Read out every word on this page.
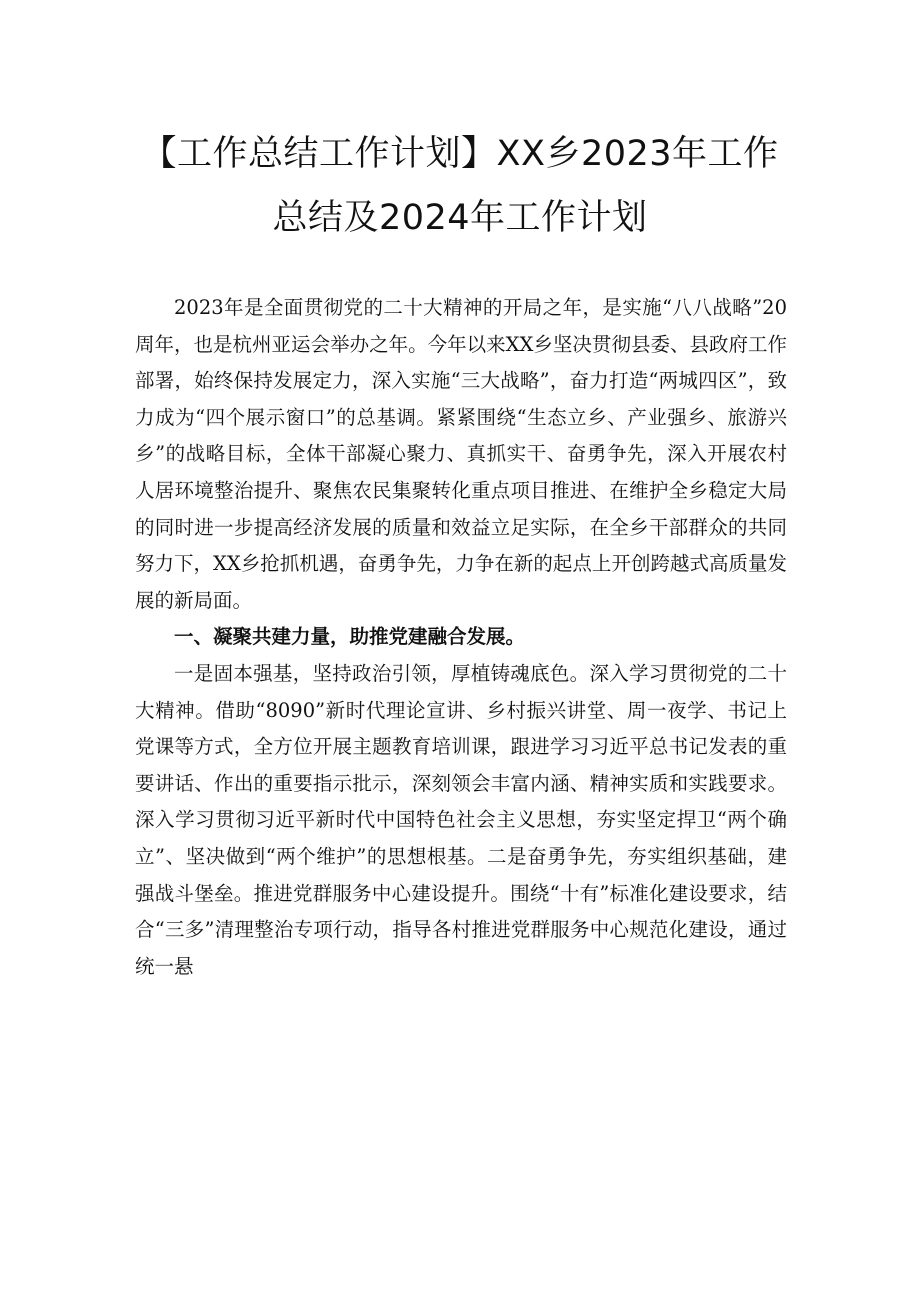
【工作总结工作计划】XX乡2023年工作
总结及2024年工作计划

2023年是全面贯彻党的二十大精神的开局之年，是实施“八八战略”20周年，也是杭州亚运会举办之年。今年以来XX乡坚决贯彻县委、县政府工作部署，始终保持发展定力，深入实施“三大战略”，奋力打造“两城四区”，致力成为“四个展示窗口”的总基调。紧紧围绕“生态立乡、产业强乡、旅游兴乡”的战略目标，全体干部凝心聚力、真抓实干、奋勇争先，深入开展农村人居环境整治提升、聚焦农民集聚转化重点项目推进、在维护全乡稳定大局的同时进一步提高经济发展的质量和效益立足实际，在全乡干部群众的共同努力下，XX乡抢抓机遇，奋勇争先，力争在新的起点上开创跨越式高质量发展的新局面。

一、凝聚共建力量，助推党建融合发展。

一是固本强基，坚持政治引领，厚植铸魂底色。深入学习贯彻党的二十大精神。借助“8090”新时代理论宣讲、乡村振兴讲堂、周一夜学、书记上党课等方式，全方位开展主题教育培训课，跟进学习习近平总书记发表的重要讲话、作出的重要指示批示，深刻领会丰富内涵、精神实质和实践要求。深入学习贯彻习近平新时代中国特色社会主义思想，夯实坚定捍卫“两个确立”、坚决做到“两个维护”的思想根基。二是奋勇争先，夯实组织基础，建强战斗堡垒。推进党群服务中心建设提升。围绕“十有”标准化建设要求，结合“三多”清理整治专项行动，指导各村推进党群服务中心规范化建设，通过统一悬
